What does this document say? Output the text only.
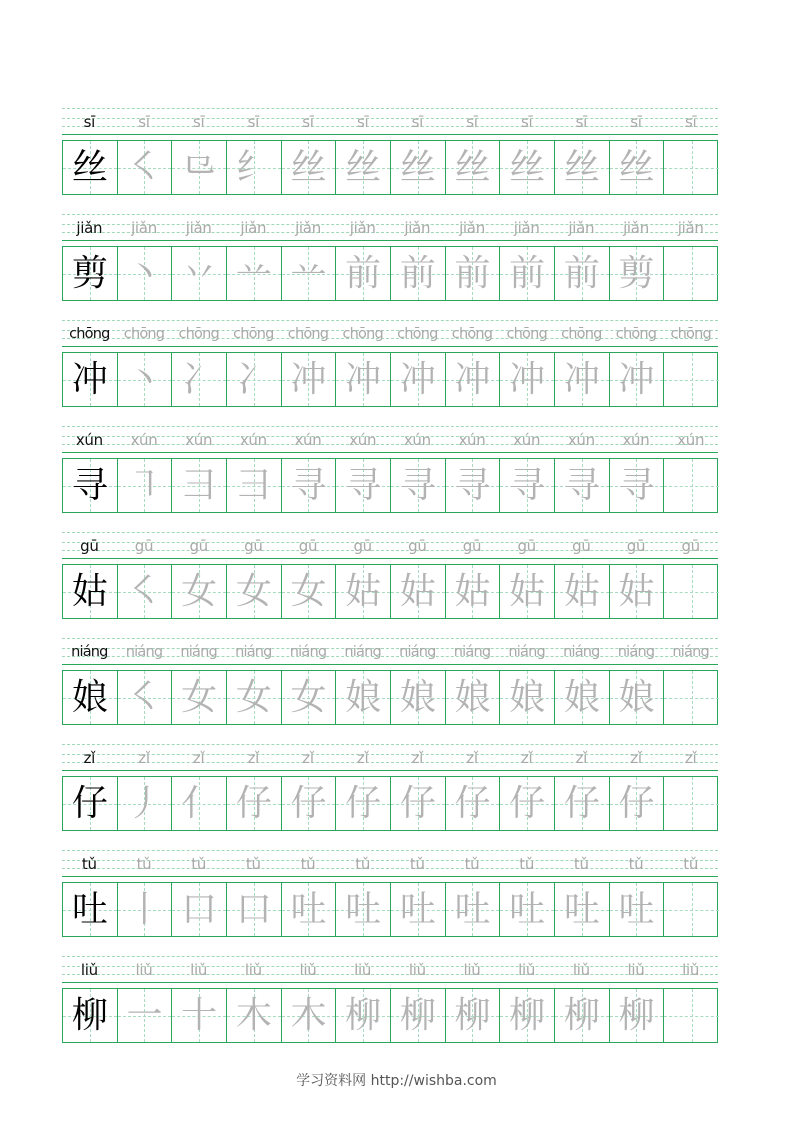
sī	sī	sī	sī	sī	sī	sī	sī	sī	sī	sī	sī
丝 ㇛ ⺋ 纟 丝 丝 丝 丝 丝 丝 丝
jiǎn	jiǎn	jiǎn	jiǎn	jiǎn	jiǎn	jiǎn	jiǎn	jiǎn	jiǎn	jiǎn	jiǎn
剪 丶 丷 䒑 䒑 前 前 前 前 前 剪
chōng chōng chōng chōng chōng chōng chōng chōng chōng chōng chōng chōng
冲 丶 冫 冫 冲 冲 冲 冲 冲 冲 冲
xún	xún	xún	xún	xún	xún	xún	xún	xún	xún	xún	xún
寻 ㇕ 彐 彐 寻 寻 寻 寻 寻 寻 寻
gū	gū	gū	gū	gū	gū	gū	gū	gū	gū	gū	gū
姑 ㇛ 女 女 女 姑 姑 姑 姑 姑 姑
niáng	niáng	niáng	niáng	niáng	niáng	niáng	niáng	niáng	niáng	niáng	niáng
娘 ㇛ 女 女 女 娘 娘 娘 娘 娘 娘
zǐ	zǐ	zǐ	zǐ	zǐ	zǐ	zǐ	zǐ	zǐ	zǐ	zǐ	zǐ
仔 丿 亻 仔 仔 仔 仔 仔 仔 仔 仔
tǔ	tǔ	tǔ	tǔ	tǔ	tǔ	tǔ	tǔ	tǔ	tǔ	tǔ	tǔ
吐 丨 口 口 吐 吐 吐 吐 吐 吐 吐
liǔ	liǔ	liǔ	liǔ	liǔ	liǔ	liǔ	liǔ	liǔ	liǔ	liǔ	liǔ
柳 一 十 木 木 柳 柳 柳 柳 柳 柳
学习资料网 http://wishba.com
